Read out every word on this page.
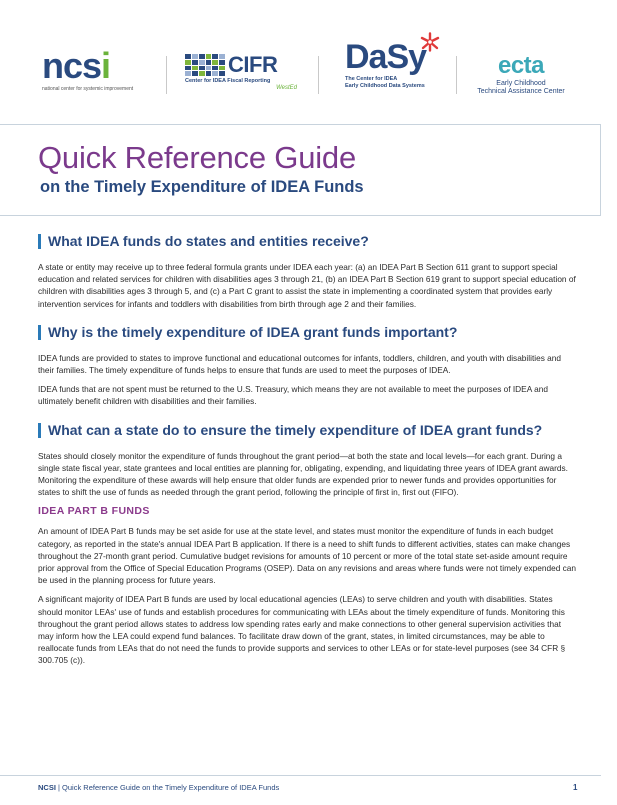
ncsi
national center for systemic improvement
CIFR
Center for IDEA Fiscal Reporting
WestEd
DaSy
The Center for IDEA
Early Childhood Data Systems
ecta
Early Childhood
Technical Assistance Center
Quick Reference Guide
on the Timely Expenditure of IDEA Funds
What IDEA funds do states and entities receive?

A state or entity may receive up to three federal formula grants under IDEA each year: (a) an IDEA Part B Section 611 grant to support special education and related services for children with disabilities ages 3 through 21, (b) an IDEA Part B Section 619 grant to support special education of children with disabilities ages 3 through 5, and (c) a Part C grant to assist the state in implementing a coordinated system that provides early intervention services for infants and toddlers with disabilities from birth through age 2 and their families.

Why is the timely expenditure of IDEA grant funds important?

IDEA funds are provided to states to improve functional and educational outcomes for infants, toddlers, children, and youth with disabilities and their families. The timely expenditure of funds helps to ensure that funds are used to meet the purposes of IDEA.

IDEA funds that are not spent must be returned to the U.S. Treasury, which means they are not available to meet the purposes of IDEA and ultimately benefit children with disabilities and their families.

What can a state do to ensure the timely expenditure of IDEA grant funds?

States should closely monitor the expenditure of funds throughout the grant period—at both the state and local levels—for each grant. During a single state fiscal year, state grantees and local entities are planning for, obligating, expending, and liquidating three years of IDEA grant awards. Monitoring the expenditure of these awards will help ensure that older funds are expended prior to newer funds and provides opportunities for states to shift the use of funds as needed through the grant period, following the principle of first in, first out (FIFO).

IDEA PART B FUNDS

An amount of IDEA Part B funds may be set aside for use at the state level, and states must monitor the expenditure of funds in each budget category, as reported in the state's annual IDEA Part B application. If there is a need to shift funds to different activities, states can make changes throughout the 27-month grant period. Cumulative budget revisions for amounts of 10 percent or more of the total state set-aside amount require prior approval from the Office of Special Education Programs (OSEP). Data on any revisions and areas where funds were not timely expended can be used in the planning process for future years.

A significant majority of IDEA Part B funds are used by local educational agencies (LEAs) to serve children and youth with disabilities. States should monitor LEAs' use of funds and establish procedures for communicating with LEAs about the timely expenditure of funds. Monitoring this throughout the grant period allows states to address low spending rates early and make connections to other general supervision activities that may inform how the LEA could expend fund balances. To facilitate draw down of the grant, states, in limited circumstances, may be able to reallocate funds from LEAs that do not need the funds to provide supports and services to other LEAs or for state-level purposes (see 34 CFR § 300.705 (c)).

NCSI | Quick Reference Guide on the Timely Expenditure of IDEA Funds	1
